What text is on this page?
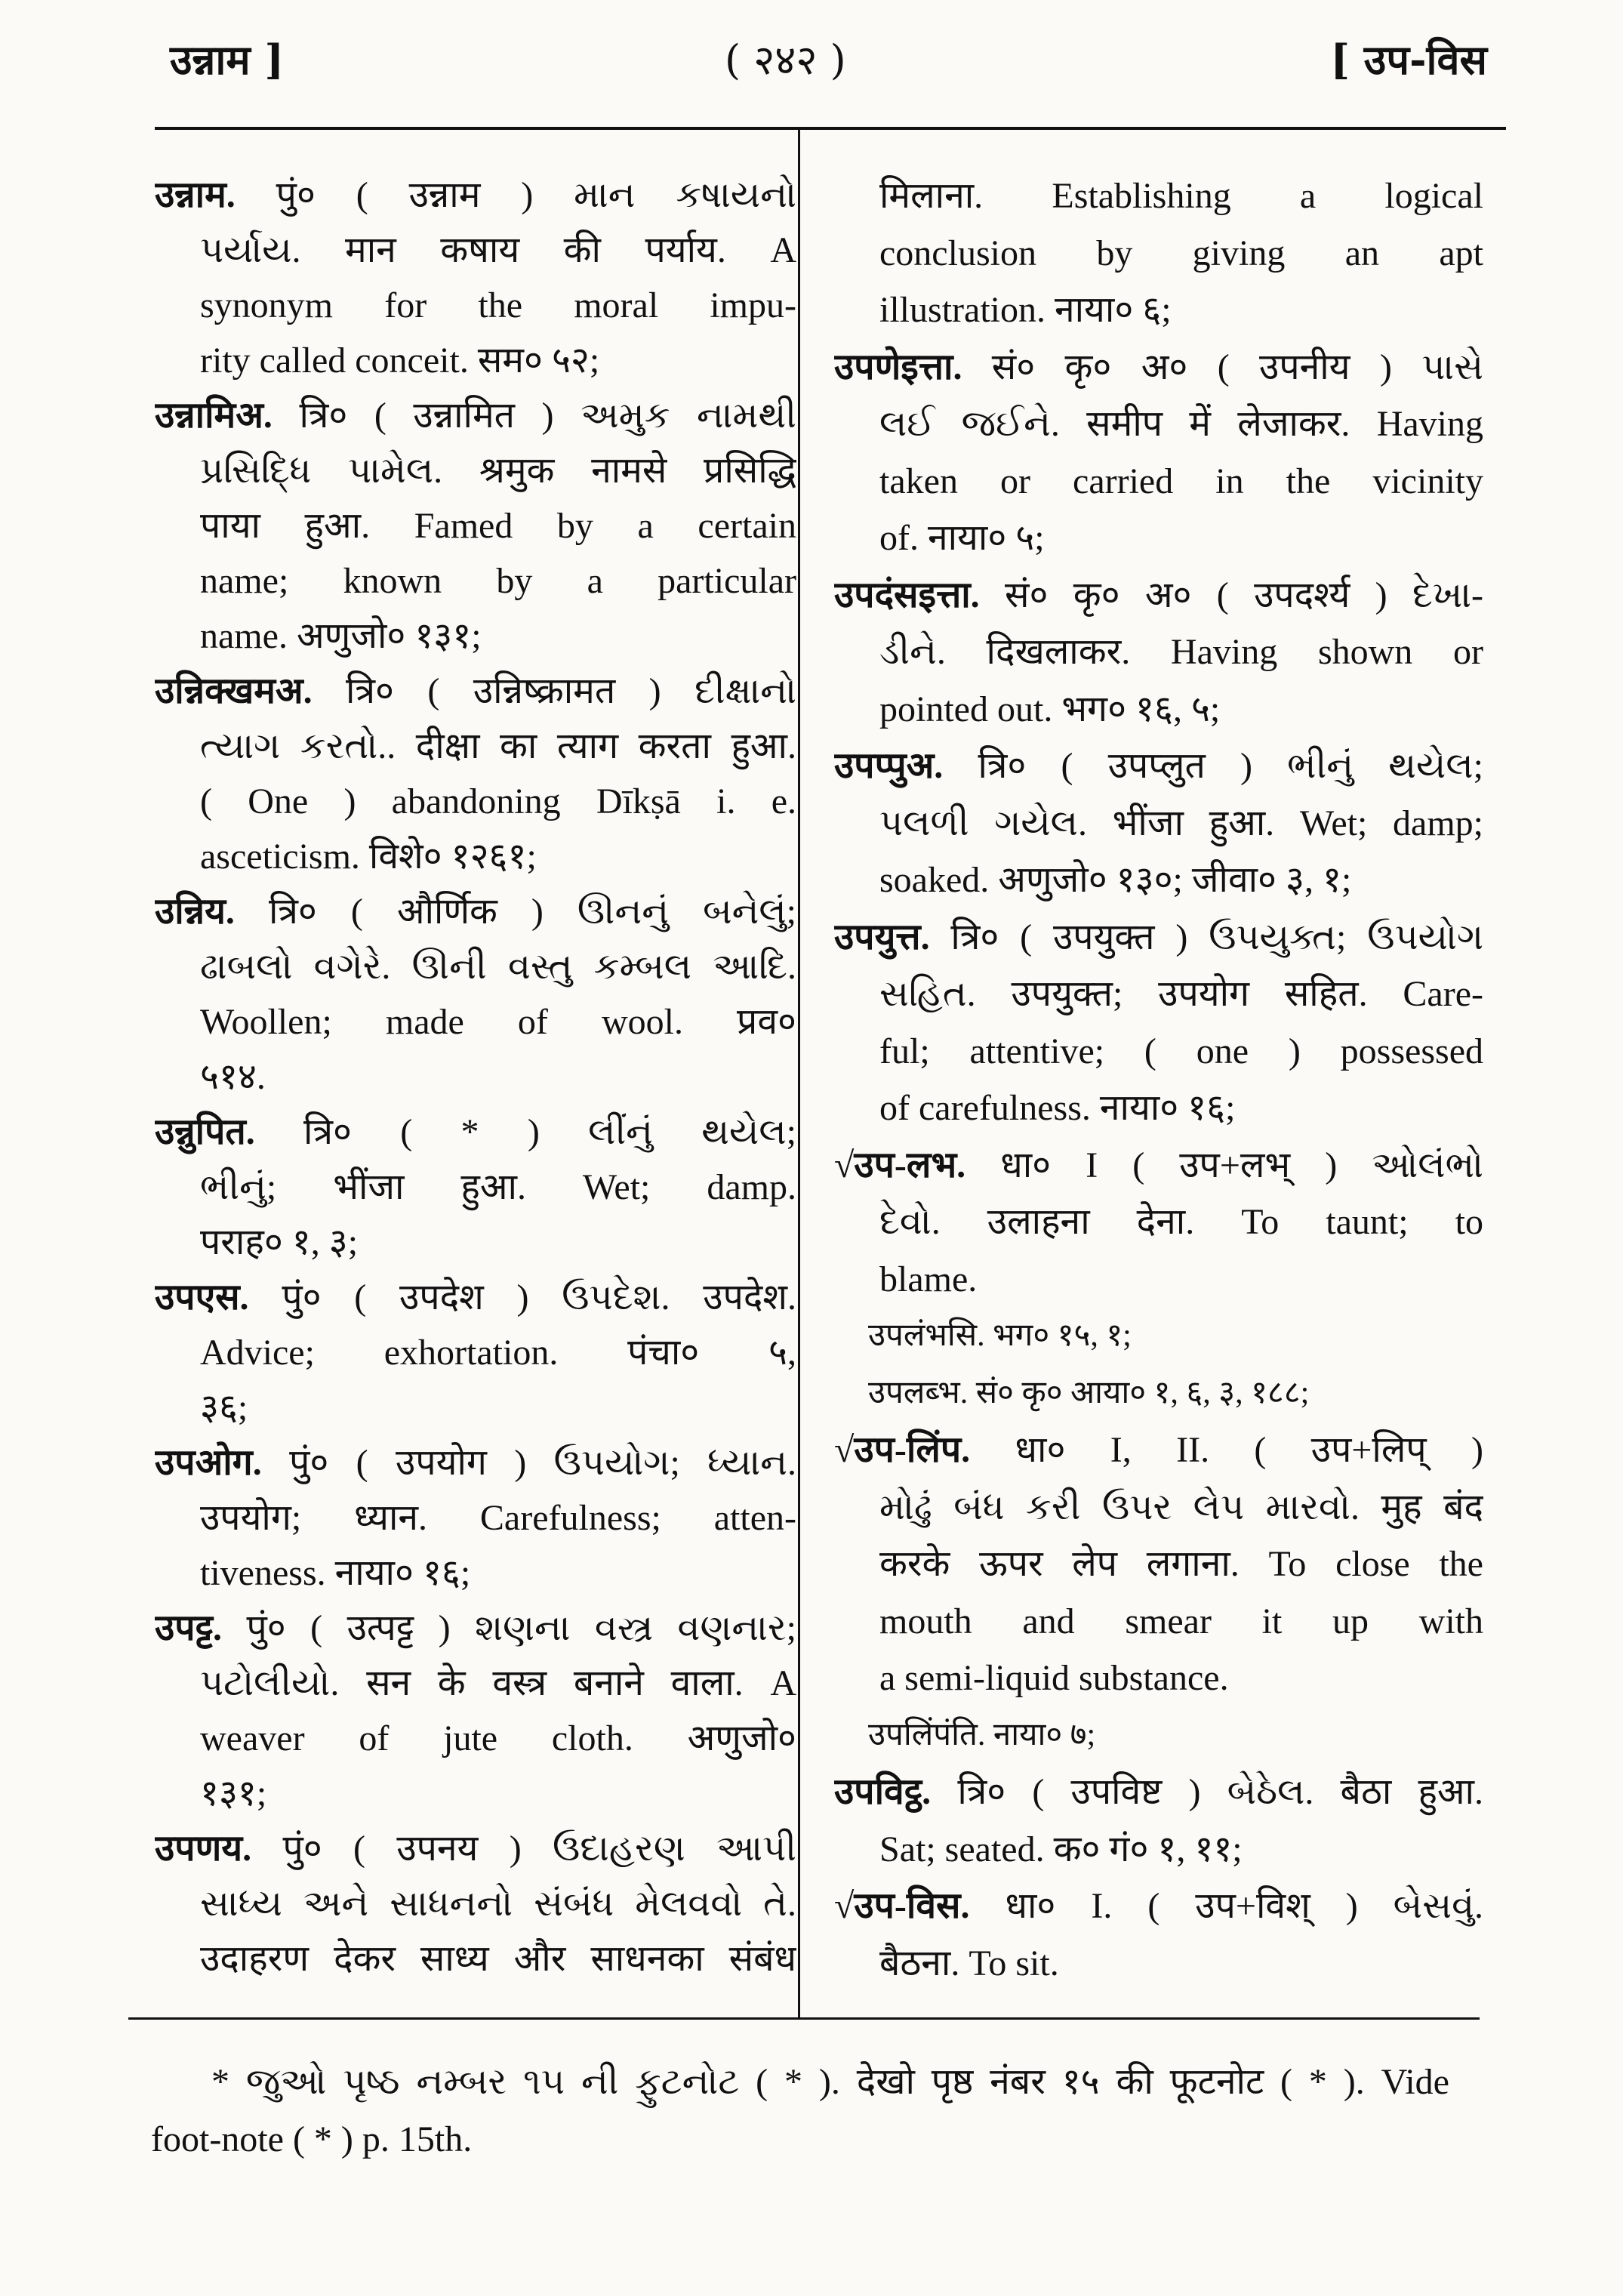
उन्नाम ]	( २४२ )	[ उप-विस
उन्नाम. पुं० ( उन्नाम ) માન કષાયનો
પર્યાય. मान कषाय की पर्याय. A
synonym for the moral impu-
rity called conceit. सम० ५२;
उन्नामिअ. त्रि० ( उन्नामित ) અમુક નામથી
પ્રસિદ્ધિ પામેલ. श्रमुक नामसे प्रसिद्धि
पाया हुआ. Famed by a certain
name; known by a particular
name. अणुजो० १३१;
उन्निक्खमअ. त्रि० ( उन्निष्क्रामत ) દીક્ષાનો
ત્યાગ કરતો.. दीक्षा का त्याग करता हुआ.
( One ) abandoning Dīkṣā i. e.
asceticism. विशे० १२६१;
उन्निय. त्रि० ( और्णिक ) ઊનનું બનેલું;
ઢાબલો વગેરે. ઊની વસ્તુ કમ્બલ આદિ.
Woollen; made of wool. प्रव०
५१४.
उन्नुपित. त्रि० ( * ) લીંનું થયેલ;
ભીનું; भींजा हुआ. Wet; damp.
पराह० १, ३;
उपएस. पुं० ( उपदेश ) ઉપદેશ. उपदेश.
Advice; exhortation. पंचा० ५,
३६;
उपओग. पुं० ( उपयोग ) ઉપયોગ; ધ્યાન.
उपयोग; ध्यान. Carefulness; atten-
tiveness. नाया० १६;
उपट्ट. पुं० ( उत्पट्ट ) શણના વસ્ત્ર વણનાર;
પટોલીયો. सन के वस्त्र बनाने वाला. A
weaver of jute cloth. अणुजो०
१३१;
उपणय. पुं० ( उपनय ) ઉદાહરણ આપી
સાધ્ય અને સાધનનો સંબંધ મેલવવો તે.
उदाहरण देकर साध्य और साधनका संबंध
मिलाना. Establishing a logical
conclusion by giving an apt
illustration. नाया० ६;
उपणेइत्ता. सं० कृ० अ० ( उपनीय ) પાસે
લઈ જઈને. समीप में लेजाकर. Having
taken or carried in the vicinity
of. नाया० ५;
उपदंसइत्ता. सं० कृ० अ० ( उपदर्श्य ) દેખા-
ડીને. दिखलाकर. Having shown or
pointed out. भग० १६, ५;
उपप्पुअ. त्रि० ( उपप्लुत ) ભીનું થયેલ;
પલળી ગયેલ. भींजा हुआ. Wet; damp;
soaked. अणुजो० १३०; जीवा० ३, १;
उपयुत्त. त्रि० ( उपयुक्त ) ઉપયુક્ત; ઉપયોગ
સહિત. उपयुक्त; उपयोग सहित. Care-
ful; attentive; ( one ) possessed
of carefulness. नाया० १६;
√उप-लभ. धा० I ( उप+लभ् ) ઓલંભો
દેવો. उलाहना देना. To taunt; to
blame.
उपलंभसि. भग० १५, १;
उपलब्भ. सं० कृ० आया० १, ६, ३, १८८;
√उप-लिंप. धा० I, II. ( उप+लिप् )
મોઢું બંધ કરી ઉપર લેપ મારવો. मुह बंद
करके ऊपर लेप लगाना. To close the
mouth and smear it up with
a semi-liquid substance.
उपलिंपंति. नाया० ७;
उपविट्ठ. त्रि० ( उपविष्ट ) બેઠેલ. बैठा हुआ.
Sat; seated. क० गं० १, ११;
√उप-विस. धा० I. ( उप+विश् ) બેસવું.
बैठना. To sit.
* જુઓ પૃષ્ઠ નમ્બર ૧૫ ની ફુટનોટ ( * ). देखो पृष्ठ नंबर १५ की फूटनोट ( * ). Vide
foot-note ( * ) p. 15th.
